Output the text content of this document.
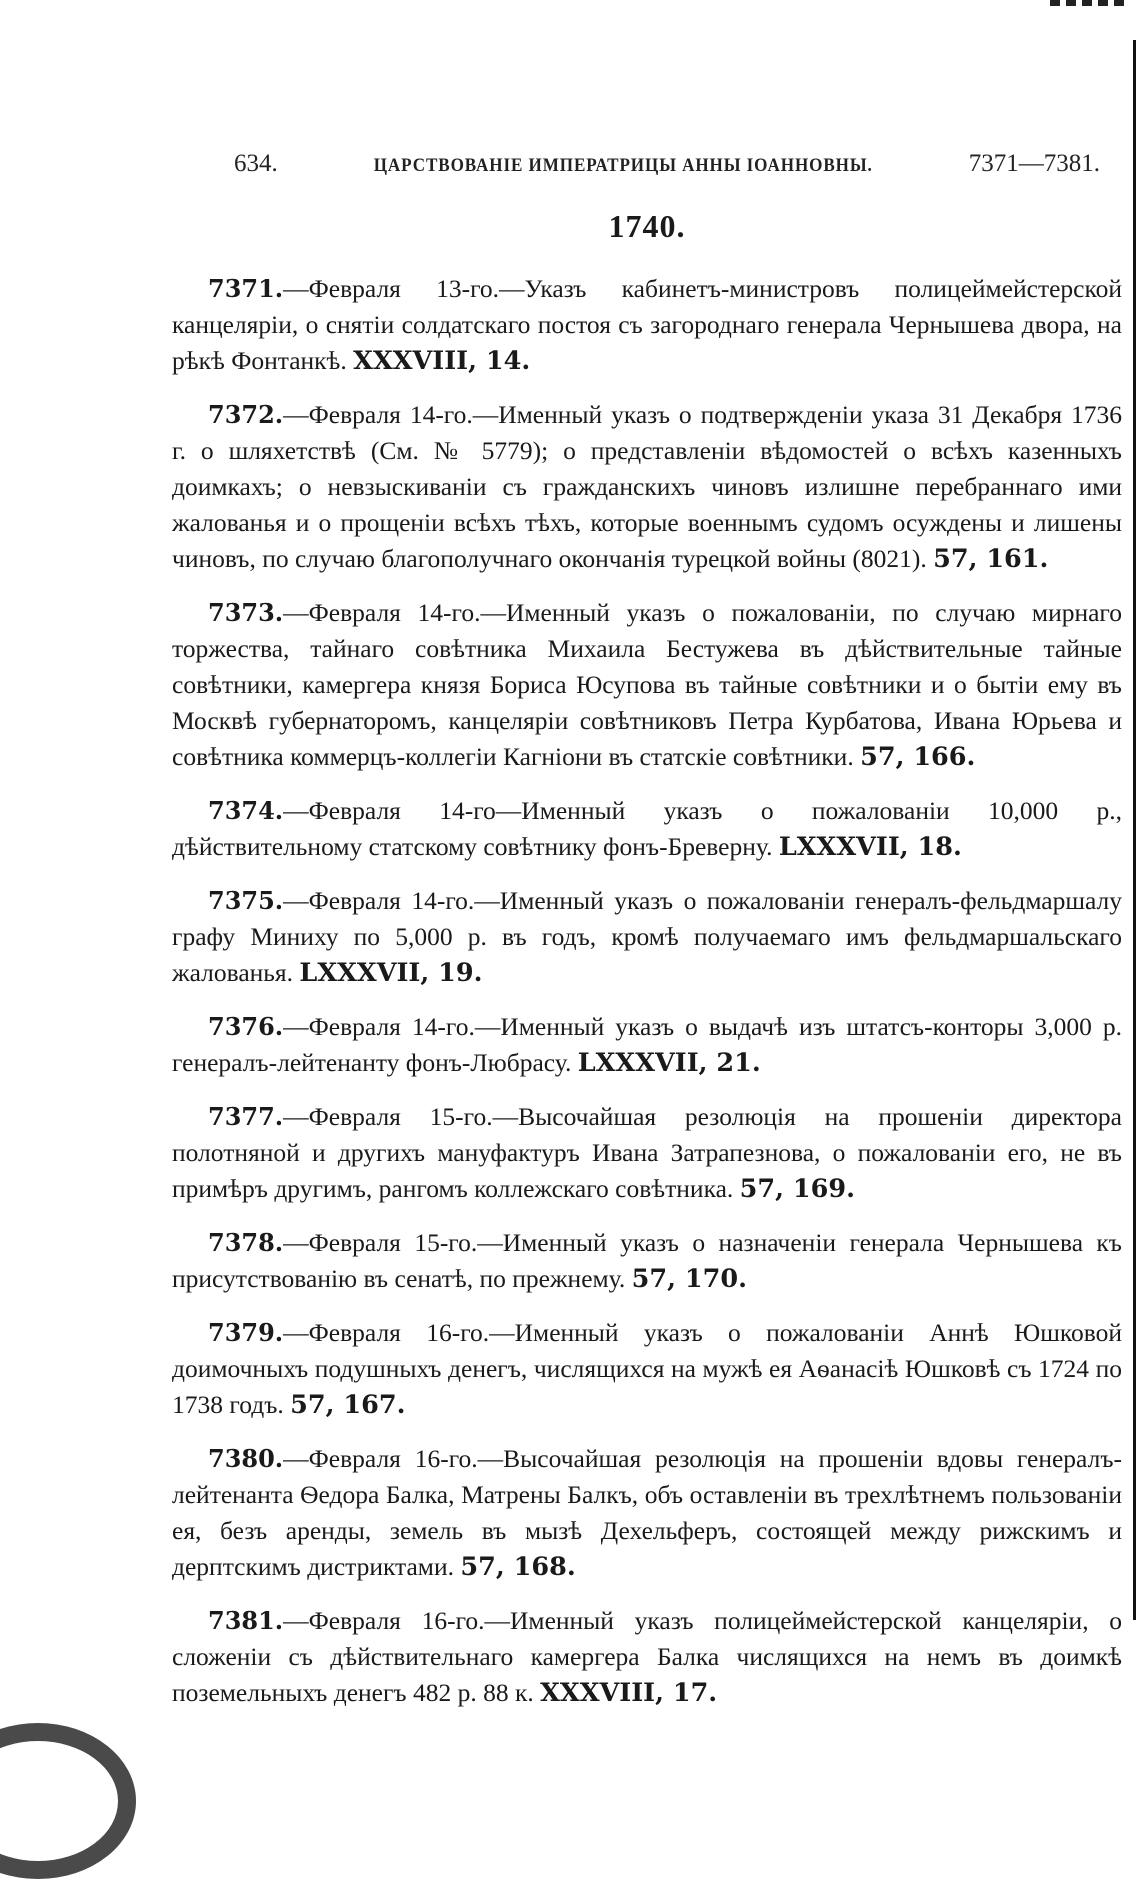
634.	ЦАРСТВОВАНІЕ ИМПЕРАТРИЦЫ АННЫ ІОАННОВНЫ.	7371—7381.
1740.

7371.—Февраля 13-го.—Указъ кабинетъ-министровъ полицеймейстерской канцеляріи, о снятіи солдатскаго постоя съ загороднаго генерала Чернышева двора, на рѣкѣ Фонтанкѣ. XXXVIII, 14.

7372.—Февраля 14-го.—Именный указъ о подтвержденіи указа 31 Декабря 1736 г. о шляхетствѣ (См. № 5779); о представленіи вѣдомостей о всѣхъ казенныхъ доимкахъ; о невзыскиваніи съ гражданскихъ чиновъ излишне перебраннаго ими жалованья и о прощеніи всѣхъ тѣхъ, которые военнымъ судомъ осуждены и лишены чиновъ, по случаю благополучнаго окончанія турецкой войны (8021). 57, 161.

7373.—Февраля 14-го.—Именный указъ о пожалованіи, по случаю мирнаго торжества, тайнаго совѣтника Михаила Бестужева въ дѣйствительные тайные совѣтники, камергера князя Бориса Юсупова въ тайные совѣтники и о бытіи ему въ Москвѣ губернаторомъ, канцеляріи совѣтниковъ Петра Курбатова, Ивана Юрьева и совѣтника коммерцъ-коллегіи Кагніони въ статскіе совѣтники. 57, 166.

7374.—Февраля 14-го—Именный указъ о пожалованіи 10,000 р., дѣйствительному статскому совѣтнику фонъ-Бреверну. LXXXVII, 18.

7375.—Февраля 14-го.—Именный указъ о пожалованіи генералъ-фельдмаршалу графу Миниху по 5,000 р. въ годъ, кромѣ получаемаго имъ фельдмаршальскаго жалованья. LXXXVII, 19.

7376.—Февраля 14-го.—Именный указъ о выдачѣ изъ штатсъ-конторы 3,000 р. генералъ-лейтенанту фонъ-Любрасу. LXXXVII, 21.

7377.—Февраля 15-го.—Высочайшая резолюція на прошеніи директора полотняной и другихъ мануфактуръ Ивана Затрапезнова, о пожалованіи его, не въ примѣръ другимъ, рангомъ коллежскаго совѣтника. 57, 169.

7378.—Февраля 15-го.—Именный указъ о назначеніи генерала Чернышева къ присутствованію въ сенатѣ, по прежнему. 57, 170.

7379.—Февраля 16-го.—Именный указъ о пожалованіи Аннѣ Юшковой доимочныхъ подушныхъ денегъ, числящихся на мужѣ ея Аѳанасіѣ Юшковѣ съ 1724 по 1738 годъ. 57, 167.

7380.—Февраля 16-го.—Высочайшая резолюція на прошеніи вдовы генералъ-лейтенанта Ѳедора Балка, Матрены Балкъ, объ оставленіи въ трехлѣтнемъ пользованіи ея, безъ аренды, земель въ мызѣ Дехельферъ, состоящей между рижскимъ и дерптскимъ дистриктами. 57, 168.

7381.—Февраля 16-го.—Именный указъ полицеймейстерской канцеляріи, о сложеніи съ дѣйствительнаго камергера Балка числящихся на немъ въ доимкѣ поземельныхъ денегъ 482 р. 88 к. XXXVIII, 17.
